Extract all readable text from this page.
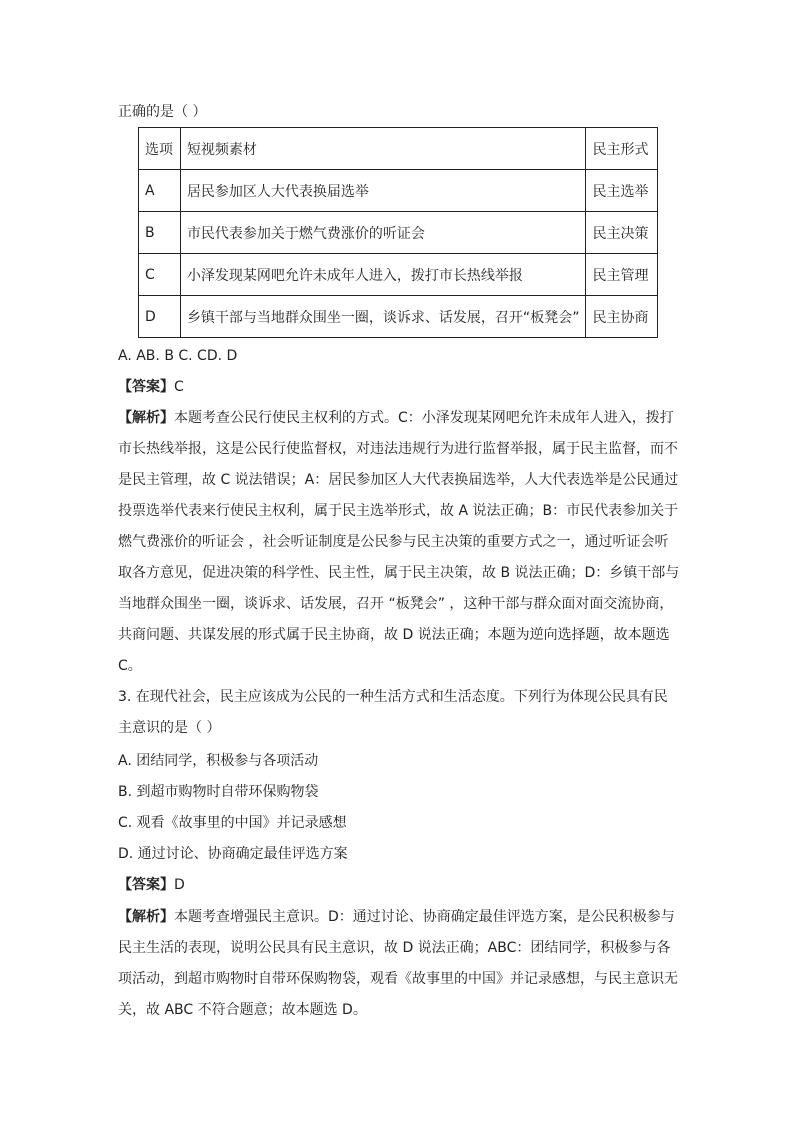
正确的是（ ）
选项	短视频素材	民主形式
A	居民参加区人大代表换届选举	民主选举
B	市民代表参加关于燃气费涨价的听证会	民主决策
C	小泽发现某网吧允许未成年人进入，拨打市长热线举报	民主管理
D	乡镇干部与当地群众围坐一圈，谈诉求、话发展，召开“板凳会”	民主协商
A. AB. B C. CD. D
【答案】C
【解析】本题考查公民行使民主权利的方式。C：小泽发现某网吧允许未成年人进入，拨打
市长热线举报，这是公民行使监督权，对违法违规行为进行监督举报，属于民主监督，而不
是民主管理，故 C 说法错误；A：居民参加区人大代表换届选举，人大代表选举是公民通过
投票选举代表来行使民主权利，属于民主选举形式，故 A 说法正确；B：市民代表参加关于
燃气费涨价的听证会 ，社会听证制度是公民参与民主决策的重要方式之一，通过听证会听
取各方意见，促进决策的科学性、民主性，属于民主决策，故 B 说法正确；D：乡镇干部与
当地群众围坐一圈，谈诉求、话发展，召开 “板凳会” ，这种干部与群众面对面交流协商，
共商问题、共谋发展的形式属于民主协商，故 D 说法正确；本题为逆向选择题，故本题选
C。
3. 在现代社会，民主应该成为公民的一种生活方式和生活态度。下列行为体现公民具有民
主意识的是（ ）
A. 团结同学，积极参与各项活动
B. 到超市购物时自带环保购物袋
C. 观看《故事里的中国》并记录感想
D. 通过讨论、协商确定最佳评选方案
【答案】D
【解析】本题考查增强民主意识。D：通过讨论、协商确定最佳评选方案，是公民积极参与
民主生活的表现，说明公民具有民主意识，故 D 说法正确；ABC：团结同学，积极参与各
项活动，到超市购物时自带环保购物袋，观看《故事里的中国》并记录感想，与民主意识无
关，故 ABC 不符合题意；故本题选 D。
